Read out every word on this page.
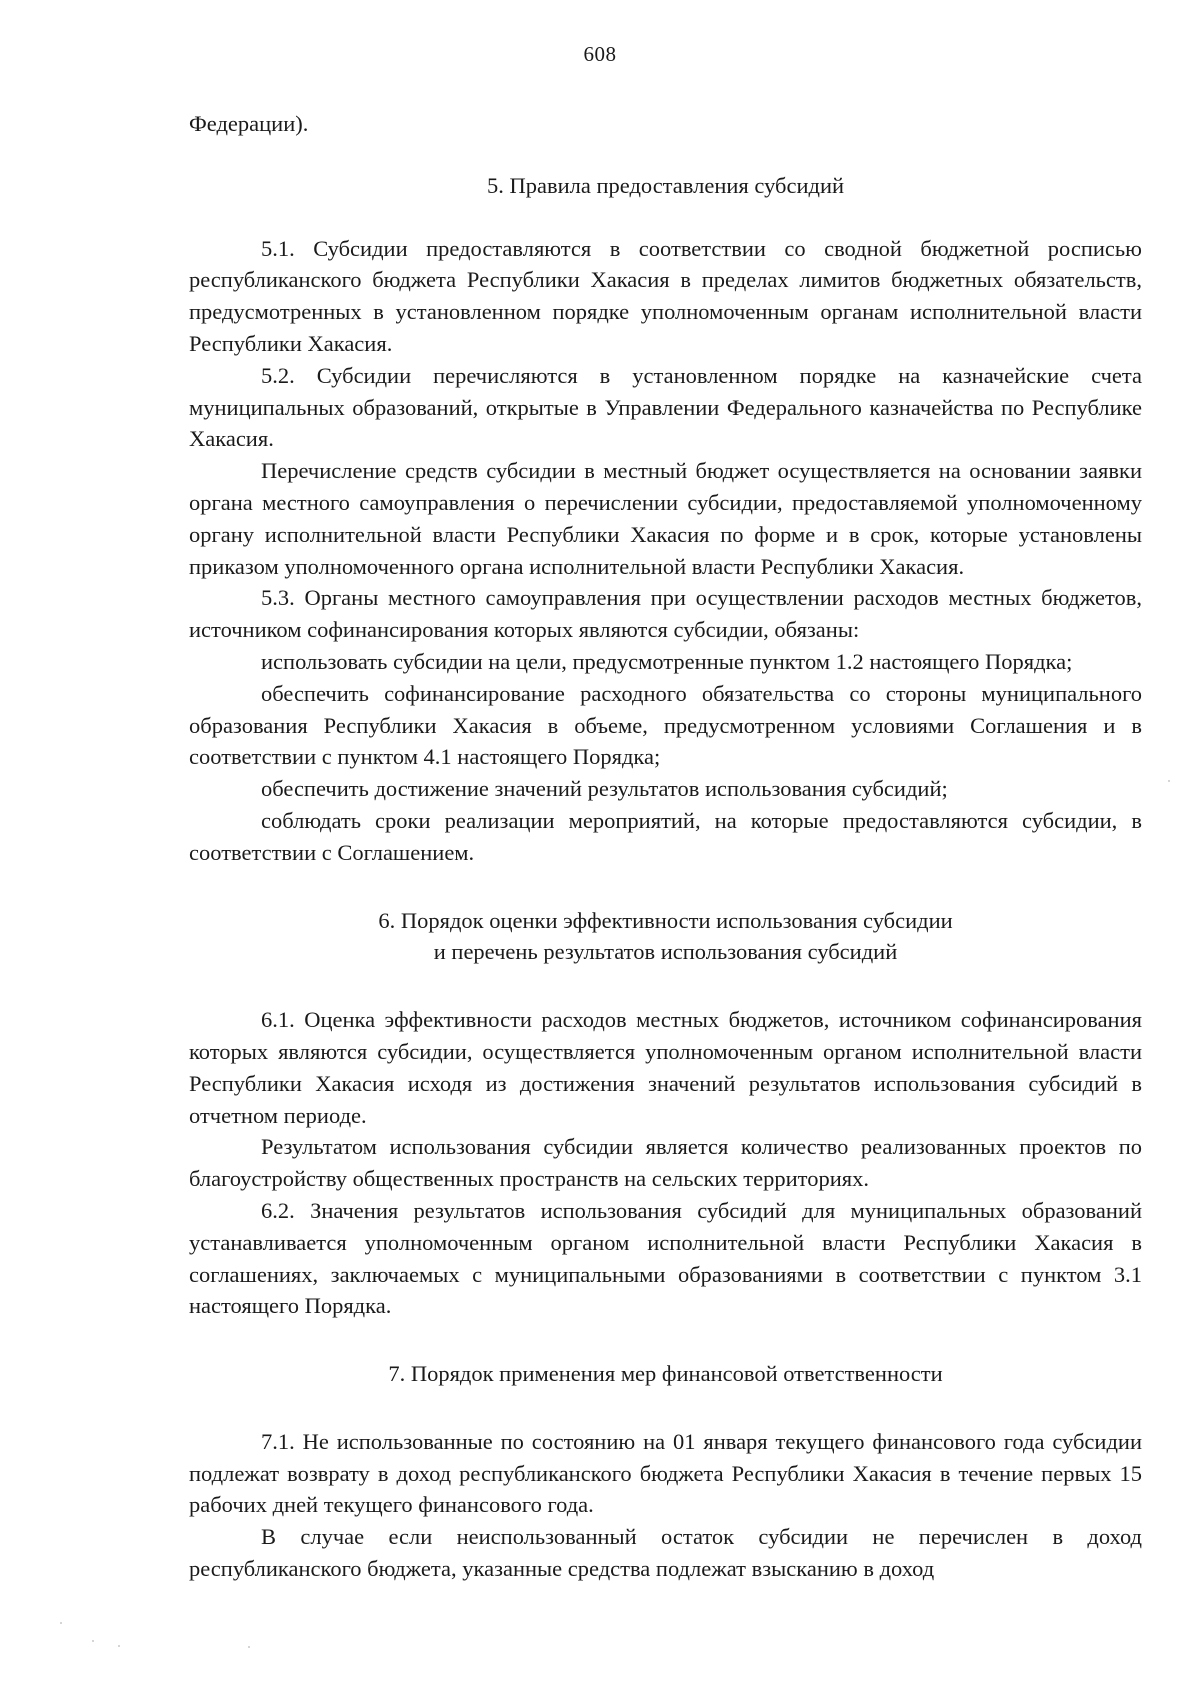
608

Федерации).

5. Правила предоставления субсидий

5.1. Субсидии предоставляются в соответствии со сводной бюджетной росписью республиканского бюджета Республики Хакасия в пределах лимитов бюджетных обязательств, предусмотренных в установленном порядке уполномоченным органам исполнительной власти Республики Хакасия.

5.2. Субсидии перечисляются в установленном порядке на казначейские счета муниципальных образований, открытые в Управлении Федерального казначейства по Республике Хакасия.

Перечисление средств субсидии в местный бюджет осуществляется на основании заявки органа местного самоуправления о перечислении субсидии, предоставляемой уполномоченному органу исполнительной власти Республики Хакасия по форме и в срок, которые установлены приказом уполномоченного органа исполнительной власти Республики Хакасия.

5.3. Органы местного самоуправления при осуществлении расходов местных бюджетов, источником софинансирования которых являются субсидии, обязаны:

использовать субсидии на цели, предусмотренные пунктом 1.2 настоящего Порядка;

обеспечить софинансирование расходного обязательства со стороны муниципального образования Республики Хакасия в объеме, предусмотренном условиями Соглашения и в соответствии с пунктом 4.1 настоящего Порядка;

обеспечить достижение значений результатов использования субсидий;

соблюдать сроки реализации мероприятий, на которые предоставляются субсидии, в соответствии с Соглашением.

6. Порядок оценки эффективности использования субсидии
и перечень результатов использования субсидий

6.1. Оценка эффективности расходов местных бюджетов, источником софинансирования которых являются субсидии, осуществляется уполномоченным органом исполнительной власти Республики Хакасия исходя из достижения значений результатов использования субсидий в отчетном периоде.

Результатом использования субсидии является количество реализованных проектов по благоустройству общественных пространств на сельских территориях.

6.2. Значения результатов использования субсидий для муниципальных образований устанавливается уполномоченным органом исполнительной власти Республики Хакасия в соглашениях, заключаемых с муниципальными образованиями в соответствии с пунктом 3.1 настоящего Порядка.

7. Порядок применения мер финансовой ответственности

7.1. Не использованные по состоянию на 01 января текущего финансового года субсидии подлежат возврату в доход республиканского бюджета Республики Хакасия в течение первых 15 рабочих дней текущего финансового года.

В случае если неиспользованный остаток субсидии не перечислен в доход республиканского бюджета, указанные средства подлежат взысканию в доход
